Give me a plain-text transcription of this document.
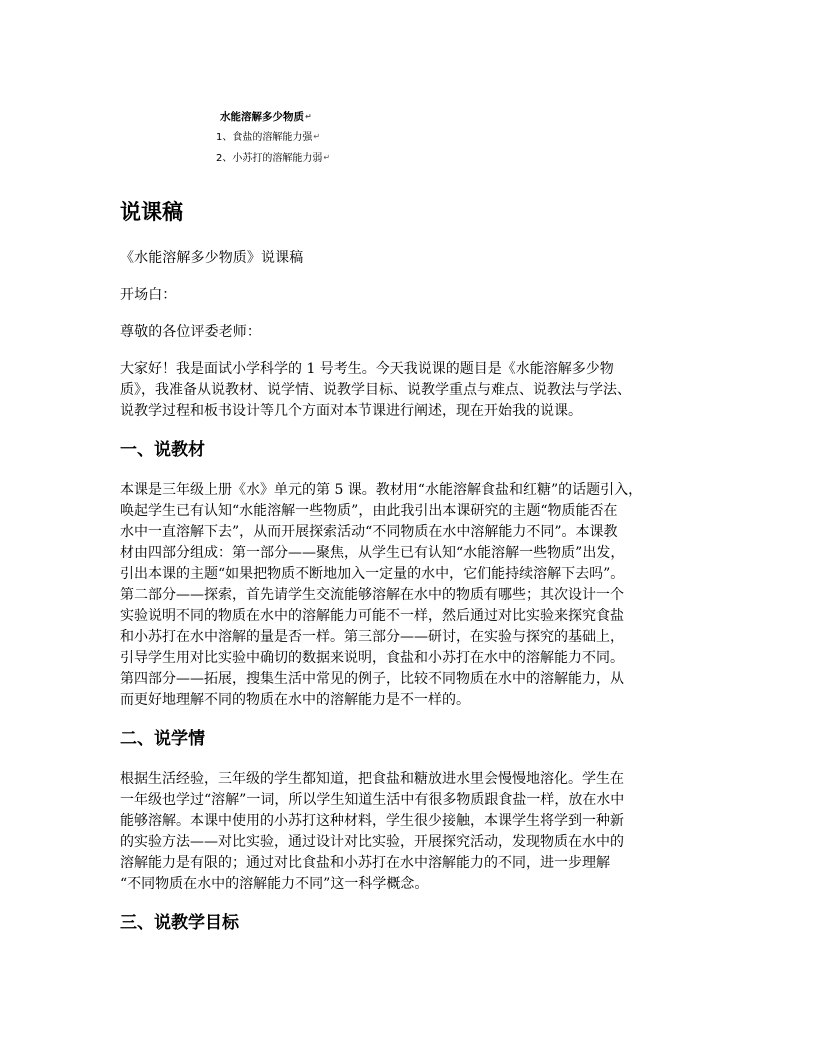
水能溶解多少物质↵
1、食盐的溶解能力强↵
2、小苏打的溶解能力弱↵
说课稿
《水能溶解多少物质》说课稿
开场白：
尊敬的各位评委老师：
大家好！我是面试小学科学的 1 号考生。今天我说课的题目是《水能溶解多少物
质》，我准备从说教材、说学情、说教学目标、说教学重点与难点、说教法与学法、
说教学过程和板书设计等几个方面对本节课进行阐述，现在开始我的说课。
一、说教材
本课是三年级上册《水》单元的第 5 课。教材用“水能溶解食盐和红糖”的话题引入，
唤起学生已有认知“水能溶解一些物质”，由此我引出本课研究的主题“物质能否在
水中一直溶解下去”，从而开展探索活动“不同物质在水中溶解能力不同”。本课教
材由四部分组成：第一部分——聚焦，从学生已有认知“水能溶解一些物质”出发，
引出本课的主题“如果把物质不断地加入一定量的水中，它们能持续溶解下去吗”。
第二部分——探索，首先请学生交流能够溶解在水中的物质有哪些；其次设计一个
实验说明不同的物质在水中的溶解能力可能不一样，然后通过对比实验来探究食盐
和小苏打在水中溶解的量是否一样。第三部分——研讨，在实验与探究的基础上，
引导学生用对比实验中确切的数据来说明，食盐和小苏打在水中的溶解能力不同。
第四部分——拓展，搜集生活中常见的例子，比较不同物质在水中的溶解能力，从
而更好地理解不同的物质在水中的溶解能力是不一样的。
二、说学情
根据生活经验，三年级的学生都知道，把食盐和糖放进水里会慢慢地溶化。学生在
一年级也学过“溶解”一词，所以学生知道生活中有很多物质跟食盐一样，放在水中
能够溶解。本课中使用的小苏打这种材料，学生很少接触，本课学生将学到一种新
的实验方法——对比实验，通过设计对比实验，开展探究活动，发现物质在水中的
溶解能力是有限的；通过对比食盐和小苏打在水中溶解能力的不同，进一步理解
“不同物质在水中的溶解能力不同”这一科学概念。
三、说教学目标
